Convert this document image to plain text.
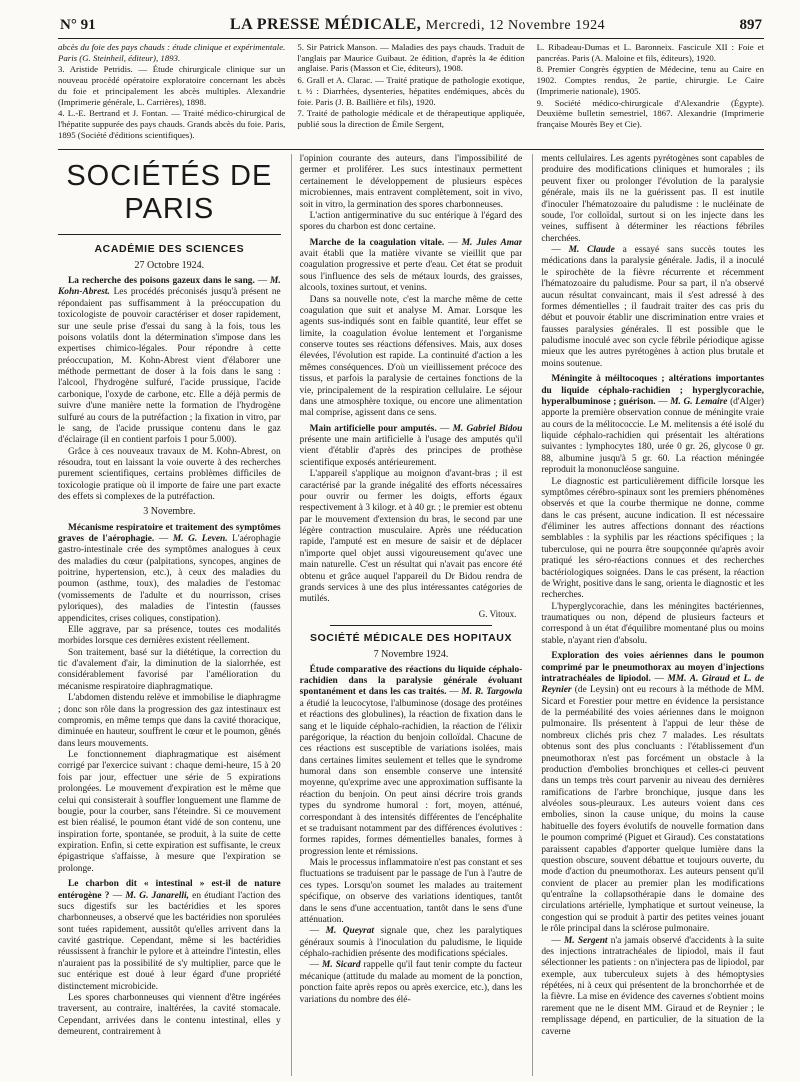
N° 91	LA PRESSE MÉDICALE, Mercredi, 12 Novembre 1924	897

abcès du foie des pays chauds : étude clinique et expérimentale. Paris (G. Steinheil, éditeur), 1893.

3. Aristide Petridis. — Étude chirurgicale clinique sur un nouveau procédé opératoire exploratoire concernant les abcès du foie et principalement les abcès multiples. Alexandrie (Imprimerie générale, L. Carrières), 1898.

4. L.-E. Bertrand et J. Fontan. — Traité médico-chirurgical de l'hépatite suppurée des pays chauds. Grands abcès du foie. Paris, 1895 (Société d'éditions scientifiques).

5. Sir Patrick Manson. — Maladies des pays chauds. Traduit de l'anglais par Maurice Guibaut. 2e édition, d'après la 4e édition anglaise. Paris (Masson et Cie, éditeurs), 1908.

6. Grall et A. Clarac. — Traité pratique de pathologie exotique, t. ½ : Diarrhées, dysenteries, hépatites endémiques, abcès du foie. Paris (J. B. Baillière et fils), 1920.

7. Traité de pathologie médicale et de thérapeutique appliquée, publié sous la direction de Émile Sergent,

L. Ribadeau-Dumas et L. Baronneix. Fascicule XII : Foie et pancréas. Paris (A. Maloine et fils, éditeurs), 1920.

8. Premier Congrès égyptien de Médecine, tenu au Caire en 1902. Comptes rendus, 2e partie, chirurgie. Le Caire (Imprimerie nationale), 1905.

9. Société médico-chirurgicale d'Alexandrie (Égypte). Deuxième bulletin semestriel, 1867. Alexandrie (Imprimerie française Mourès Bey et Cie).

SOCIÉTÉS DE PARIS
ACADÉMIE DES SCIENCES
27 Octobre 1924.

La recherche des poisons gazeux dans le sang. — M. Kohn-Abrest. Les procédés préconisés jusqu'à présent ne répondaient pas suffisamment à la préoccupation du toxicologiste de pouvoir caractériser et doser rapidement, sur une seule prise d'essai du sang à la fois, tous les poisons volatils dont la détermination s'impose dans les expertises chimico-légales. Pour répondre à cette préoccupation, M. Kohn-Abrest vient d'élaborer une méthode permettant de doser à la fois dans le sang : l'alcool, l'hydrogène sulfuré, l'acide prussique, l'acide carbonique, l'oxyde de carbone, etc. Elle a déjà permis de suivre d'une manière nette la formation de l'hydrogène sulfuré au cours de la putréfaction ; la fixation in vitro, par le sang, de l'acide prussique contenu dans le gaz d'éclairage (il en contient parfois 1 pour 5.000).

Grâce à ces nouveaux travaux de M. Kohn-Abrest, on résoudra, tout en laissant la voie ouverte à des recherches purement scientifiques, certains problèmes difficiles de toxicologie pratique où il importe de faire une part exacte des effets si complexes de la putréfaction.

3 Novembre.

Mécanisme respiratoire et traitement des symptômes graves de l'aérophagie. — M. G. Leven. L'aérophagie gastro-intestinale crée des symptômes analogues à ceux des maladies du cœur (palpitations, syncopes, angines de poitrine, hypertension, etc.), à ceux des maladies du poumon (asthme, toux), des maladies de l'estomac (vomissements de l'adulte et du nourrisson, crises pyloriques), des maladies de l'intestin (fausses appendicites, crises coliques, constipation).

Elle aggrave, par sa présence, toutes ces modalités morbides lorsque ces dernières existent réellement.

Son traitement, basé sur la diététique, la correction du tic d'avalement d'air, la diminution de la sialorrhée, est considérablement favorisé par l'amélioration du mécanisme respiratoire diaphragmatique.

L'abdomen distendu relève et immobilise le diaphragme ; donc son rôle dans la progression des gaz intestinaux est compromis, en même temps que dans la cavité thoracique, diminuée en hauteur, souffrent le cœur et le poumon, gênés dans leurs mouvements.

Le fonctionnement diaphragmatique est aisément corrigé par l'exercice suivant : chaque demi-heure, 15 à 20 fois par jour, effectuer une série de 5 expirations prolongées. Le mouvement d'expiration est le même que celui qui consisterait à souffler longuement une flamme de bougie, pour la courber, sans l'éteindre. Si ce mouvement est bien réalisé, le poumon étant vidé de son contenu, une inspiration forte, spontanée, se produit, à la suite de cette expiration. Enfin, si cette expiration est suffisante, le creux épigastrique s'affaisse, à mesure que l'expiration se prolonge.

Le charbon dit « intestinal » est-il de nature entérogène ? — M. G. Janarelli, en étudiant l'action des sucs digestifs sur les bactéridies et les spores charbonneuses, a observé que les bactéridies non sporulées sont tuées rapidement, aussitôt qu'elles arrivent dans la cavité gastrique. Cependant, même si les bactéridies réussissent à franchir le pylore et à atteindre l'intestin, elles n'auraient pas la possibilité de s'y multiplier, parce que le suc entérique est doué à leur égard d'une propriété distinctement microbicide.

Les spores charbonneuses qui viennent d'être ingérées traversent, au contraire, inaltérées, la cavité stomacale. Cependant, arrivées dans le contenu intestinal, elles y demeurent, contrairement à

l'opinion courante des auteurs, dans l'impossibilité de germer et proliférer. Les sucs intestinaux permettent certainement le développement de plusieurs espèces microbiennes, mais entravent complètement, soit in vivo, soit in vitro, la germination des spores charbonneuses.

L'action antigerminative du suc entérique à l'égard des spores du charbon est donc certaine.

Marche de la coagulation vitale. — M. Jules Amar avait établi que la matière vivante se vieillit que par coagulation progressive et perte d'eau. Cet état se produit sous l'influence des sels de métaux lourds, des graisses, alcools, toxines surtout, et venins.

Dans sa nouvelle note, c'est la marche même de cette coagulation que suit et analyse M. Amar. Lorsque les agents sus-indiqués sont en faible quantité, leur effet se limite, la coagulation évolue lentement et l'organisme conserve toutes ses réactions défensives. Mais, aux doses élevées, l'évolution est rapide. La continuité d'action a les mêmes conséquences. D'où un vieillissement précoce des tissus, et parfois la paralysie de certaines fonctions de la vie, principalement de la respiration cellulaire. Le séjour dans une atmosphère toxique, ou encore une alimentation mal comprise, agissent dans ce sens.

Main artificielle pour amputés. — M. Gabriel Bidou présente une main artificielle à l'usage des amputés qu'il vient d'établir d'après des principes de prothèse scientifique exposés antérieurement.

L'appareil s'applique au moignon d'avant-bras ; il est caractérisé par la grande inégalité des efforts nécessaires pour ouvrir ou fermer les doigts, efforts égaux respectivement à 3 kilogr. et à 40 gr. ; le premier est obtenu par le mouvement d'extension du bras, le second par une légère contraction musculaire. Après une rééducation rapide, l'amputé est en mesure de saisir et de déplacer n'importe quel objet aussi vigoureusement qu'avec une main naturelle. C'est un résultat qui n'avait pas encore été obtenu et grâce auquel l'appareil du Dr Bidou rendra de grands services à une des plus intéressantes catégories de mutilés.

G. Vitoux.
SOCIÉTÉ MÉDICALE DES HOPITAUX
7 Novembre 1924.

Étude comparative des réactions du liquide céphalo-rachidien dans la paralysie générale évoluant spontanément et dans les cas traités. — M. R. Targowla a étudié la leucocytose, l'albuminose (dosage des protéines et réactions des globulines), la réaction de fixation dans le sang et le liquide céphalo-rachidien, la réaction de l'élixir parégorique, la réaction du benjoin colloïdal. Chacune de ces réactions est susceptible de variations isolées, mais dans certaines limites seulement et telles que le syndrome humoral dans son ensemble conserve une intensité moyenne, qu'exprime avec une approximation suffisante la réaction du benjoin. On peut ainsi décrire trois grands types du syndrome humoral : fort, moyen, atténué, correspondant à des intensités différentes de l'encéphalite et se traduisant notamment par des différences évolutives : formes rapides, formes démentielles banales, formes à progression lente et rémissions.

Mais le processus inflammatoire n'est pas constant et ses fluctuations se traduisent par le passage de l'un à l'autre de ces types. Lorsqu'on soumet les malades au traitement spécifique, on observe des variations identiques, tantôt dans le sens d'une accentuation, tantôt dans le sens d'une atténuation.

— M. Queyrat signale que, chez les paralytiques généraux soumis à l'inoculation du paludisme, le liquide céphalo-rachidien présente des modifications spéciales.

— M. Sicard rappelle qu'il faut tenir compte du facteur mécanique (attitude du malade au moment de la ponction, ponction faite après repos ou après exercice, etc.), dans les variations du nombre des élé-

ments cellulaires. Les agents pyrétogènes sont capables de produire des modifications cliniques et humorales ; ils peuvent fixer ou prolonger l'évolution de la paralysie générale, mais ils ne la guérissent pas. Il est inutile d'inoculer l'hématozoaire du paludisme : le nucléinate de soude, l'or colloïdal, surtout si on les injecte dans les veines, suffisent à déterminer les réactions fébriles cherchées.

— M. Claude a essayé sans succès toutes les médications dans la paralysie générale. Jadis, il a inoculé le spirochète de la fièvre récurrente et récemment l'hématozoaire du paludisme. Pour sa part, il n'a observé aucun résultat convaincant, mais il s'est adressé à des formes démentielles ; il faudrait traiter des cas pris du début et pouvoir établir une discrimination entre vraies et fausses paralysies générales. Il est possible que le paludisme inoculé avec son cycle fébrile périodique agisse mieux que les autres pyrétogènes à action plus brutale et moins soutenue.

Méningite à méiltocoques ; altérations importantes du liquide céphalo-rachidien ; hyperglycorachie, hyperalbuminose ; guérison. — M. G. Lemaire (d'Alger) apporte la première observation connue de méningite vraie au cours de la mélitococcie. Le M. melitensis a été isolé du liquide céphalo-rachidien qui présentait les altérations suivantes : lymphocytes 180, urée 0 gr. 26, glycose 0 gr. 88, albumine jusqu'à 5 gr. 60. La réaction méningée reproduit la mononucléose sanguine.

Le diagnostic est particulièrement difficile lorsque les symptômes cérébro-spinaux sont les premiers phénomènes observés et que la courbe thermique ne donne, comme dans le cas présent, aucune indication. Il est nécessaire d'éliminer les autres affections donnant des réactions semblables : la syphilis par les réactions spécifiques ; la tuberculose, qui ne pourra être soupçonnée qu'après avoir pratiqué les séro-réactions connues et des recherches bactériologiques soignées. Dans le cas présent, la réaction de Wright, positive dans le sang, orienta le diagnostic et les recherches.

L'hyperglycorachie, dans les méningites bactériennes, traumatiques ou non, dépend de plusieurs facteurs et correspond à un état d'équilibre momentané plus ou moins stable, n'ayant rien d'absolu.

Exploration des voies aériennes dans le poumon comprimé par le pneumothorax au moyen d'injections intratrachéales de lipiodol. — MM. A. Giraud et L. de Reynier (de Leysin) ont eu recours à la méthode de MM. Sicard et Forestier pour mettre en évidence la persistance de la perméabilité des voies aériennes dans le moignon pulmonaire. Ils présentent à l'appui de leur thèse de nombreux clichés pris chez 7 malades. Les résultats obtenus sont des plus concluants : l'établissement d'un pneumothorax n'est pas forcément un obstacle à la production d'embolies bronchiques et celles-ci peuvent dans un temps très court parvenir au niveau des dernières ramifications de l'arbre bronchique, jusque dans les alvéoles sous-pleuraux. Les auteurs voient dans ces embolies, sinon la cause unique, du moins la cause habituelle des foyers évolutifs de nouvelle formation dans le poumon comprimé (Piguet et Giraud). Ces constatations paraissent capables d'apporter quelque lumière dans la question obscure, souvent débattue et toujours ouverte, du mode d'action du pneumothorax. Les auteurs pensent qu'il convient de placer au premier plan les modifications qu'entraîne la collapsothérapie dans le domaine des circulations artérielle, lymphatique et surtout veineuse, la congestion qui se produit à partir des petites veines jouant le rôle principal dans la sclérose pulmonaire.

— M. Sergent n'a jamais observé d'accidents à la suite des injections intratrachéales de lipiodol, mais il faut sélectionner les patients : on n'injectera pas de lipiodol, par exemple, aux tuberculeux sujets à des hémoptysies répétées, ni à ceux qui présentent de la bronchorrhée et de la fièvre. La mise en évidence des cavernes s'obtient moins rarement que ne le disent MM. Giraud et de Reynier ; le remplissage dépend, en particulier, de la situation de la caverne
